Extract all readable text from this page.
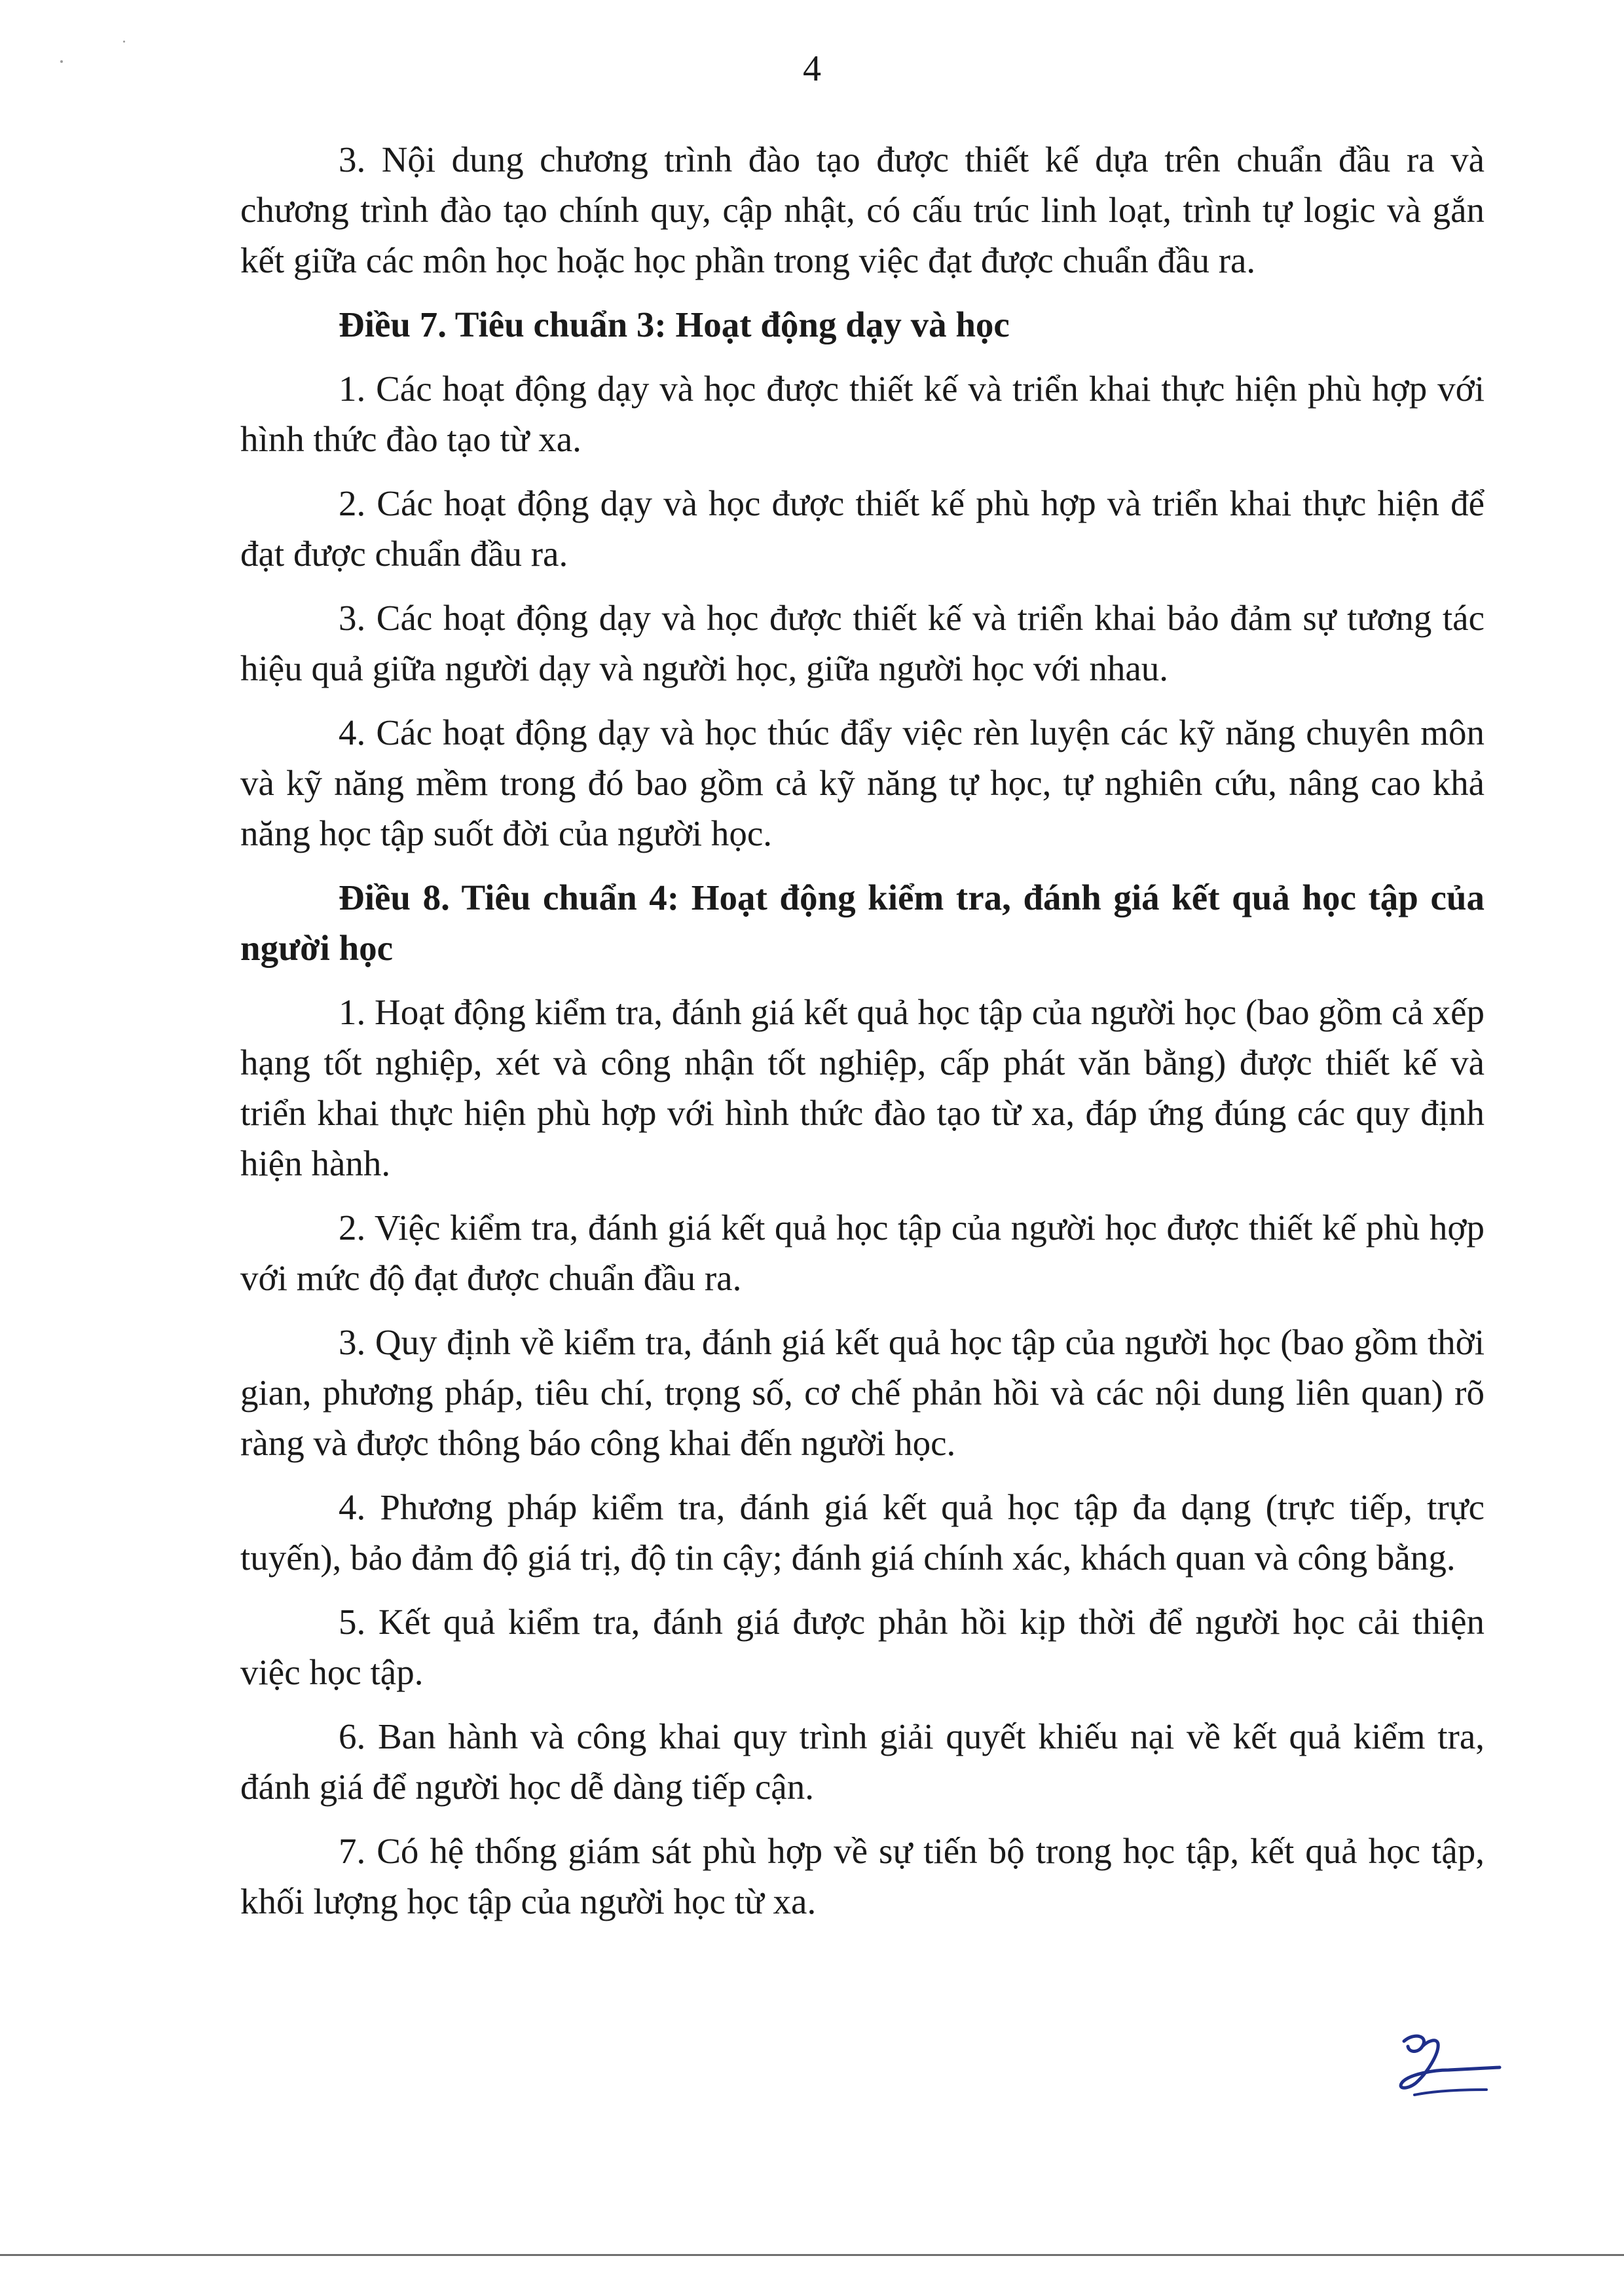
4

3. Nội dung chương trình đào tạo được thiết kế dựa trên chuẩn đầu ra và chương trình đào tạo chính quy, cập nhật, có cấu trúc linh loạt, trình tự logic và gắn kết giữa các môn học hoặc học phần trong việc đạt được chuẩn đầu ra.

Điều 7. Tiêu chuẩn 3: Hoạt động dạy và học

1. Các hoạt động dạy và học được thiết kế và triển khai thực hiện phù hợp với hình thức đào tạo từ xa.

2. Các hoạt động dạy và học được thiết kế phù hợp và triển khai thực hiện để đạt được chuẩn đầu ra.

3. Các hoạt động dạy và học được thiết kế và triển khai bảo đảm sự tương tác hiệu quả giữa người dạy và người học, giữa người học với nhau.

4. Các hoạt động dạy và học thúc đẩy việc rèn luyện các kỹ năng chuyên môn và kỹ năng mềm trong đó bao gồm cả kỹ năng tự học, tự nghiên cứu, nâng cao khả năng học tập suốt đời của người học.

Điều 8. Tiêu chuẩn 4: Hoạt động kiểm tra, đánh giá kết quả học tập của người học

1. Hoạt động kiểm tra, đánh giá kết quả học tập của người học (bao gồm cả xếp hạng tốt nghiệp, xét và công nhận tốt nghiệp, cấp phát văn bằng) được thiết kế và triển khai thực hiện phù hợp với hình thức đào tạo từ xa, đáp ứng đúng các quy định hiện hành.

2. Việc kiểm tra, đánh giá kết quả học tập của người học được thiết kế phù hợp với mức độ đạt được chuẩn đầu ra.

3. Quy định về kiểm tra, đánh giá kết quả học tập của người học (bao gồm thời gian, phương pháp, tiêu chí, trọng số, cơ chế phản hồi và các nội dung liên quan) rõ ràng và được thông báo công khai đến người học.

4. Phương pháp kiểm tra, đánh giá kết quả học tập đa dạng (trực tiếp, trực tuyến), bảo đảm độ giá trị, độ tin cậy; đánh giá chính xác, khách quan và công bằng.

5. Kết quả kiểm tra, đánh giá được phản hồi kịp thời để người học cải thiện việc học tập.

6. Ban hành và công khai quy trình giải quyết khiếu nại về kết quả kiểm tra, đánh giá để người học dễ dàng tiếp cận.

7. Có hệ thống giám sát phù hợp về sự tiến bộ trong học tập, kết quả học tập, khối lượng học tập của người học từ xa.
